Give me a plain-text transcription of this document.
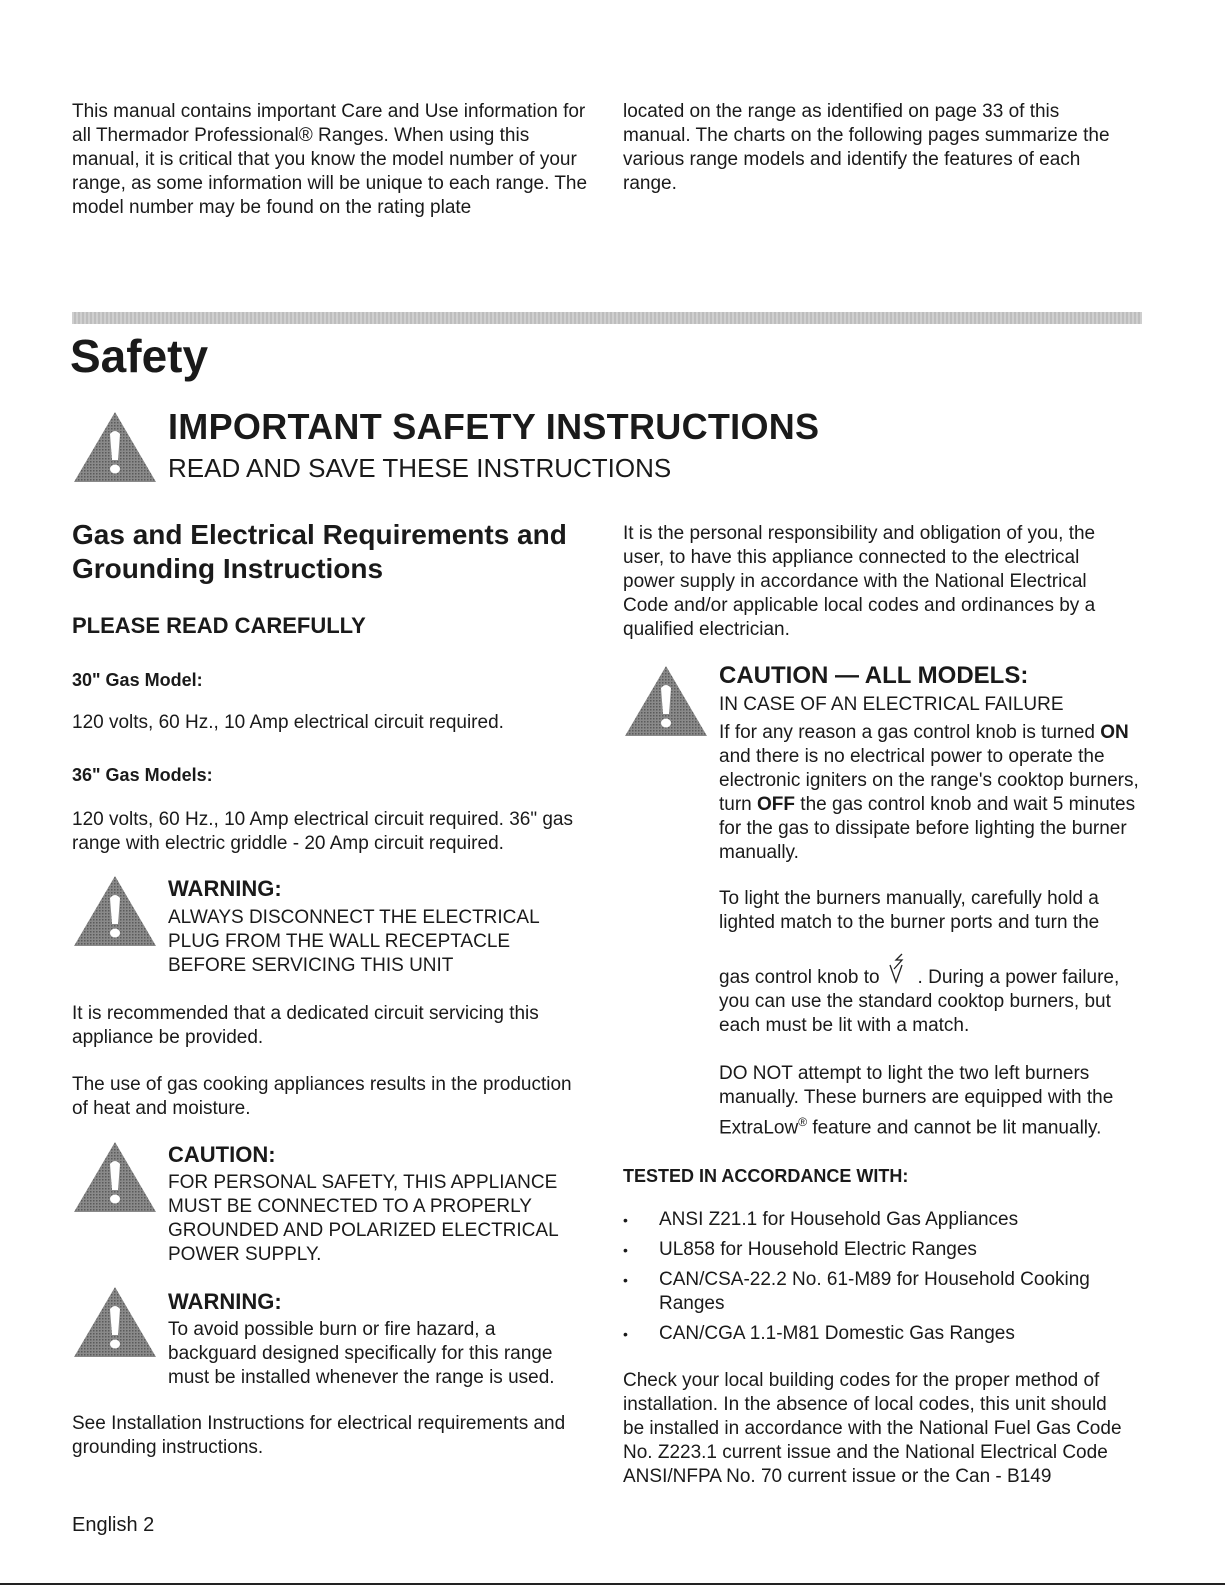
This manual contains important Care and Use information for all Thermador Professional® Ranges. When using this manual, it is critical that you know the model number of your range, as some information will be unique to each range. The model number may be found on the rating plate

located on the range as identified on page 33 of this manual. The charts on the following pages summarize the various range models and identify the features of each range.

Safety
IMPORTANT SAFETY INSTRUCTIONS

READ AND SAVE THESE INSTRUCTIONS

Gas and Electrical Requirements and Grounding Instructions
PLEASE READ CAREFULLY
30" Gas Model:

120 volts, 60 Hz., 10 Amp electrical circuit required.

36" Gas Models:

120 volts, 60 Hz., 10 Amp electrical circuit required. 36" gas range with electric griddle - 20 Amp circuit required.

WARNING:

ALWAYS DISCONNECT THE ELECTRICAL PLUG FROM THE WALL RECEPTACLE BEFORE SERVICING THIS UNIT

It is recommended that a dedicated circuit servicing this appliance be provided.

The use of gas cooking appliances results in the production of heat and moisture.

CAUTION:

FOR PERSONAL SAFETY, THIS APPLIANCE MUST BE CONNECTED TO A PROPERLY GROUNDED AND POLARIZED ELECTRICAL POWER SUPPLY.

WARNING:

To avoid possible burn or fire hazard, a backguard designed specifically for this range must be installed whenever the range is used.

See Installation Instructions for electrical requirements and grounding instructions.

It is the personal responsibility and obligation of you, the user, to have this appliance connected to the electrical power supply in accordance with the National Electrical Code and/or applicable local codes and ordinances by a qualified electrician.

CAUTION — ALL MODELS:

IN CASE OF AN ELECTRICAL FAILURE

If for any reason a gas control knob is turned ON and there is no electrical power to operate the electronic igniters on the range's cooktop burners, turn OFF the gas control knob and wait 5 minutes for the gas to dissipate before lighting the burner manually.

To light the burners manually, carefully hold a lighted match to the burner ports and turn the

gas control knob to . During a power failure, you can use the standard cooktop burners, but each must be lit with a match.

DO NOT attempt to light the two left burners manually. These burners are equipped with the ExtraLow® feature and cannot be lit manually.

TESTED IN ACCORDANCE WITH:
• ANSI Z21.1 for Household Gas Appliances
• UL858 for Household Electric Ranges
• CAN/CSA-22.2 No. 61-M89 for Household Cooking Ranges
• CAN/CGA 1.1-M81 Domestic Gas Ranges

Check your local building codes for the proper method of installation. In the absence of local codes, this unit should be installed in accordance with the National Fuel Gas Code No. Z223.1 current issue and the National Electrical Code ANSI/NFPA No. 70 current issue or the Can - B149

English 2
